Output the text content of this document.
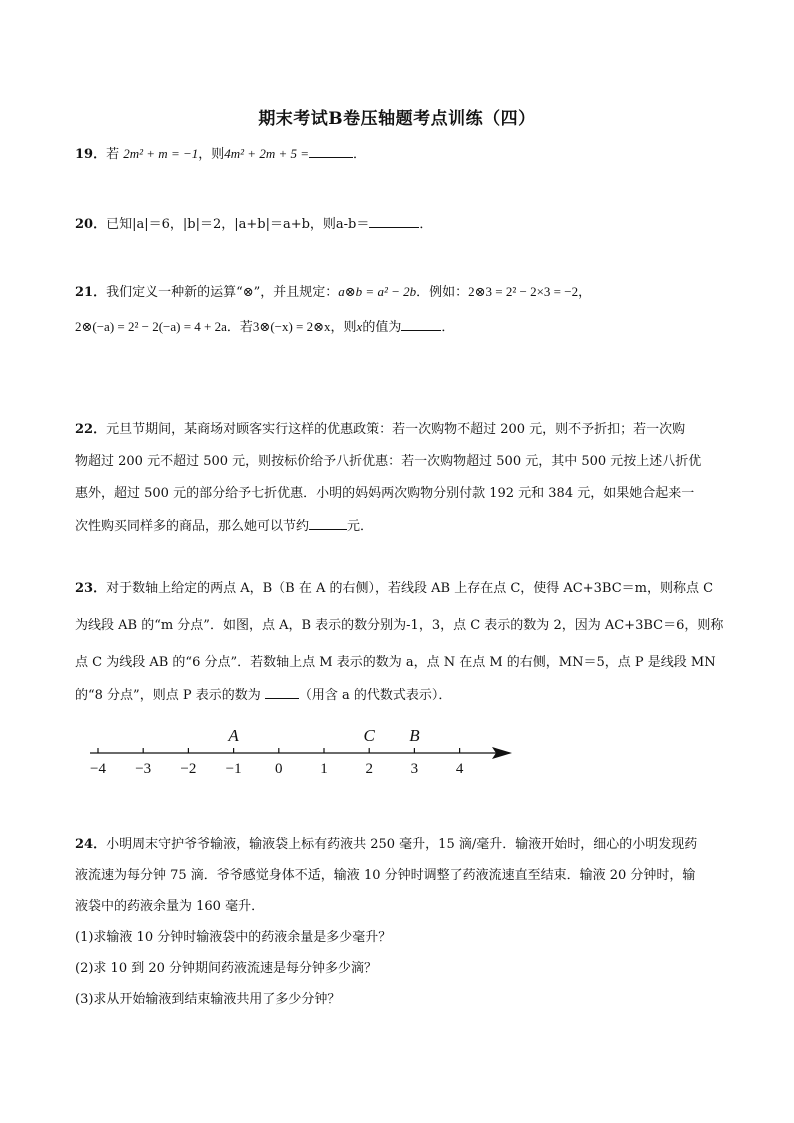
期末考试B卷压轴题考点训练（四）
19．若 2m² + m = −1，则4m² + 2m + 5 =	．
20．已知|a|＝6，|b|＝2，|a+b|＝a+b，则a-b＝	．
21．我们定义一种新的运算“⊗”，并且规定：a⊗b = a² − 2b．例如：2⊗3 = 2² − 2×3 = −2，
2⊗(−a) = 2² − 2(−a) = 4 + 2a．若3⊗(−x) = 2⊗x，则x的值为	．
22．元旦节期间，某商场对顾客实行这样的优惠政策：若一次购物不超过 200 元，则不予折扣；若一次购
物超过 200 元不超过 500 元，则按标价给予八折优惠：若一次购物超过 500 元，其中 500 元按上述八折优
惠外，超过 500 元的部分给予七折优惠．小明的妈妈两次购物分别付款 192 元和 384 元，如果她合起来一
次性购买同样多的商品，那么她可以节约	元．
23．对于数轴上给定的两点 A，B（B 在 A 的右侧），若线段 AB 上存在点 C，使得 AC+3BC＝m，则称点 C
为线段 AB 的“m 分点”．如图，点 A，B 表示的数分别为-1，3，点 C 表示的数为 2，因为 AC+3BC＝6，则称
点 C 为线段 AB 的“6 分点”．若数轴上点 M 表示的数为 a，点 N 在点 M 的右侧，MN＝5，点 P 是线段 MN
的“8 分点”，则点 P 表示的数为	（用含 a 的代数式表示）．
−4 −3 −2 −1 0	1	2	3	4
A	C B
24．小明周末守护爷爷输液，输液袋上标有药液共 250 毫升，15 滴/毫升．输液开始时，细心的小明发现药
液流速为每分钟 75 滴．爷爷感觉身体不适，输液 10 分钟时调整了药液流速直至结束．输液 20 分钟时，输
液袋中的药液余量为 160 毫升．
(1)求输液 10 分钟时输液袋中的药液余量是多少毫升？
(2)求 10 到 20 分钟期间药液流速是每分钟多少滴？
(3)求从开始输液到结束输液共用了多少分钟？
